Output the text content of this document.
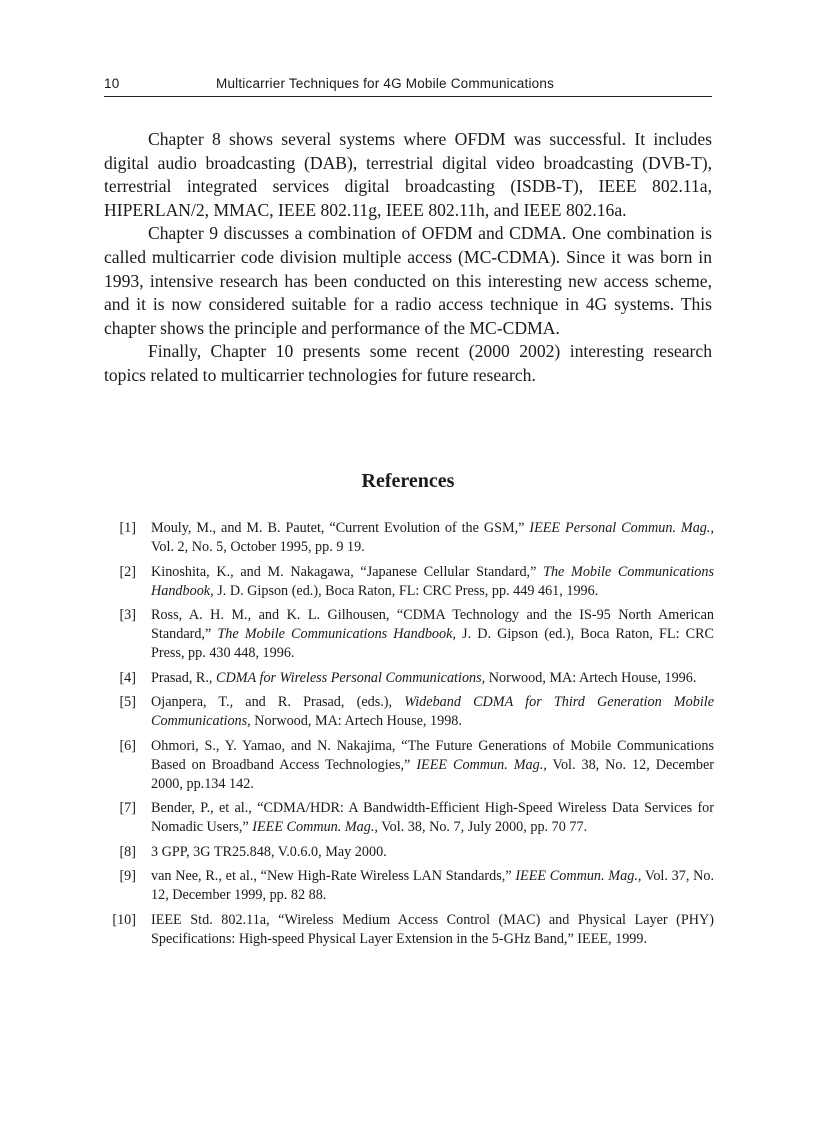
10	Multicarrier Techniques for 4G Mobile Communications

Chapter 8 shows several systems where OFDM was successful. It includes digital audio broadcasting (DAB), terrestrial digital video broadcasting (DVB-T), terrestrial integrated services digital broadcasting (ISDB-T), IEEE 802.11a, HIPERLAN/2, MMAC, IEEE 802.11g, IEEE 802.11h, and IEEE 802.16a.

Chapter 9 discusses a combination of OFDM and CDMA. One combination is called multicarrier code division multiple access (MC-CDMA). Since it was born in 1993, intensive research has been conducted on this interesting new access scheme, and it is now considered suitable for a radio access technique in 4G systems. This chapter shows the principle and performance of the MC-CDMA.

Finally, Chapter 10 presents some recent (2000 2002) interesting research topics related to multicarrier technologies for future research.

References
[1] Mouly, M., and M. B. Pautet, “Current Evolution of the GSM,” IEEE Personal Commun. Mag., Vol. 2, No. 5, October 1995, pp. 9 19.
[2] Kinoshita, K., and M. Nakagawa, “Japanese Cellular Standard,” The Mobile Communications Handbook, J. D. Gipson (ed.), Boca Raton, FL: CRC Press, pp. 449 461, 1996.
[3] Ross, A. H. M., and K. L. Gilhousen, “CDMA Technology and the IS-95 North American Standard,” The Mobile Communications Handbook, J. D. Gipson (ed.), Boca Raton, FL: CRC Press, pp. 430 448, 1996.
[4] Prasad, R., CDMA for Wireless Personal Communications, Norwood, MA: Artech House, 1996.
[5] Ojanpera, T., and R. Prasad, (eds.), Wideband CDMA for Third Generation Mobile Communications, Norwood, MA: Artech House, 1998.
[6] Ohmori, S., Y. Yamao, and N. Nakajima, “The Future Generations of Mobile Communications Based on Broadband Access Technologies,” IEEE Commun. Mag., Vol. 38, No. 12, December 2000, pp.134 142.
[7] Bender, P., et al., “CDMA/HDR: A Bandwidth-Efficient High-Speed Wireless Data Services for Nomadic Users,” IEEE Commun. Mag., Vol. 38, No. 7, July 2000, pp. 70 77.
[8] 3 GPP, 3G TR25.848, V.0.6.0, May 2000.
[9] van Nee, R., et al., “New High-Rate Wireless LAN Standards,” IEEE Commun. Mag., Vol. 37, No. 12, December 1999, pp. 82 88.
[10] IEEE Std. 802.11a, “Wireless Medium Access Control (MAC) and Physical Layer (PHY) Specifications: High-speed Physical Layer Extension in the 5-GHz Band,” IEEE, 1999.
